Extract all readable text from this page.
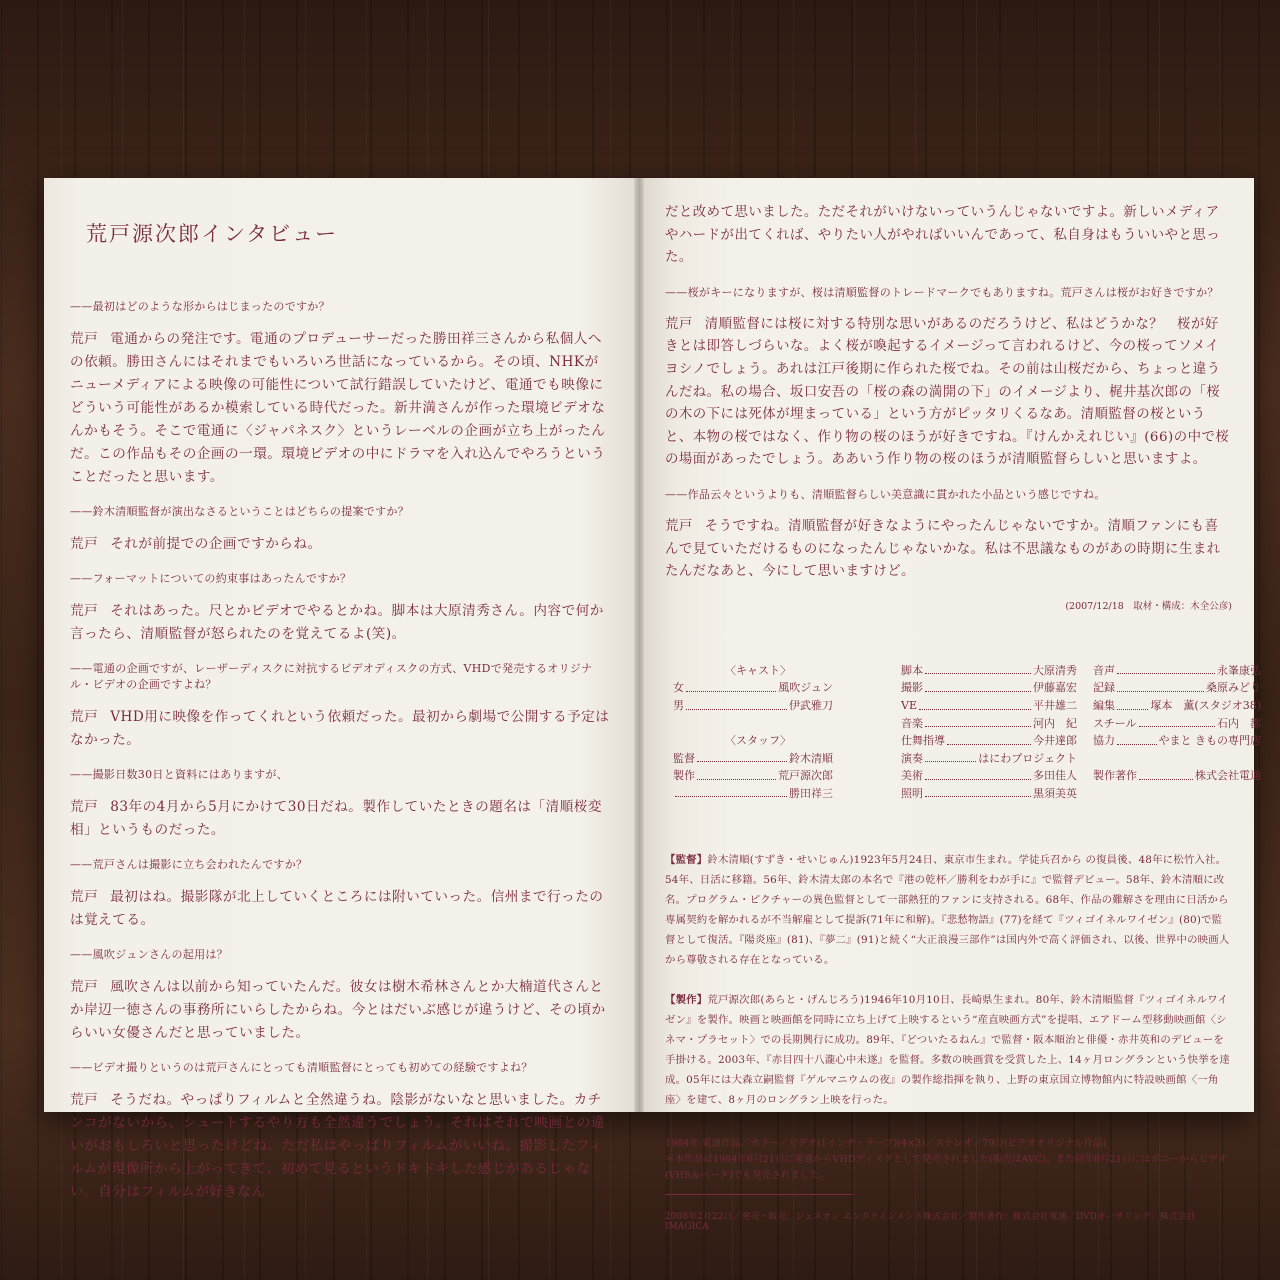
荒戸源次郎インタビュー

——最初はどのような形からはじまったのですか？

荒戸 電通からの発注です。電通のプロデューサーだった勝田祥三さんから私個人への依頼。勝田さんにはそれまでもいろいろ世話になっているから。その頃、NHKがニューメディアによる映像の可能性について試行錯誤していたけど、電通でも映像にどういう可能性があるか模索している時代だった。新井満さんが作った環境ビデオなんかもそう。そこで電通に〈ジャパネスク〉というレーベルの企画が立ち上がったんだ。この作品もその企画の一環。環境ビデオの中にドラマを入れ込んでやろうということだったと思います。

——鈴木清順監督が演出なさるということはどちらの提案ですか？

荒戸 それが前提での企画ですからね。

——フォーマットについての約束事はあったんですか？

荒戸 それはあった。尺とかビデオでやるとかね。脚本は大原清秀さん。内容で何か言ったら、清順監督が怒られたのを覚えてるよ(笑)。

——電通の企画ですが、レーザーディスクに対抗するビデオディスクの方式、VHDで発売するオリジナル・ビデオの企画ですよね？

荒戸 VHD用に映像を作ってくれという依頼だった。最初から劇場で公開する予定はなかった。

——撮影日数30日と資料にはありますが、

荒戸 83年の4月から5月にかけて30日だね。製作していたときの題名は「清順桜変相」というものだった。

——荒戸さんは撮影に立ち会われたんですか？

荒戸 最初はね。撮影隊が北上していくところには附いていった。信州まで行ったのは覚えてる。

——風吹ジュンさんの起用は？

荒戸 風吹さんは以前から知っていたんだ。彼女は樹木希林さんとか大楠道代さんとか岸辺一徳さんの事務所にいらしたからね。今とはだいぶ感じが違うけど、その頃からいい女優さんだと思っていました。

——ビデオ撮りというのは荒戸さんにとっても清順監督にとっても初めての経験ですよね？

荒戸 そうだね。やっぱりフィルムと全然違うね。陰影がないなと思いました。カチンコがないから、シュートするやり方も全然違うでしょう。それはそれで映画との違いがおもしろいと思ったけどね。ただ私はやっぱりフィルムがいいね。撮影したフィルムが現像所から上がってきて、初めて見るというドキドキした感じがあるじゃない。自分はフィルムが好きなん

だと改めて思いました。ただそれがいけないっていうんじゃないですよ。新しいメディアやハードが出てくれば、やりたい人がやればいいんであって、私自身はもういいやと思った。

——桜がキーになりますが、桜は清順監督のトレードマークでもありますね。荒戸さんは桜がお好きですか？

荒戸 清順監督には桜に対する特別な思いがあるのだろうけど、私はどうかな？　桜が好きとは即答しづらいな。よく桜が喚起するイメージって言われるけど、今の桜ってソメイヨシノでしょう。あれは江戸後期に作られた桜でね。その前は山桜だから、ちょっと違うんだね。私の場合、坂口安吾の「桜の森の満開の下」のイメージより、梶井基次郎の「桜の木の下には死体が埋まっている」という方がピッタリくるなあ。清順監督の桜というと、本物の桜ではなく、作り物の桜のほうが好きですね。『けんかえれじい』(66)の中で桜の場面があったでしょう。ああいう作り物の桜のほうが清順監督らしいと思いますよ。

——作品云々というよりも、清順監督らしい美意識に貫かれた小品という感じですね。

荒戸 そうですね。清順監督が好きなようにやったんじゃないですか。清順ファンにも喜んで見ていただけるものになったんじゃないかな。私は不思議なものがあの時期に生まれたんだなあと、今にして思いますけど。

(2007/12/18　取材・構成：木全公彦)
〈キャスト〉
女	風吹ジュン
男	伊武雅刀
〈スタッフ〉
監督	鈴木清順
製作	荒戸源次郎
勝田祥三
脚本	大原清秀
撮影	伊藤嘉宏
VE	平井雄二
音楽	河内　紀
仕舞指導	今井達郎
演奏	はにわプロジェクト
美術	多田佳人
照明	黒須美英
音声	永峯康弘
記録	桑原みどり
編集	塚本　薫(スタジオ38)
スチール	石内　都
協力	やまと きもの専門店
製作著作	株式会社電通

【監督】鈴木清順(すずき・せいじゅん)1923年5月24日、東京市生まれ。学徒兵召から の復員後、48年に松竹入社。54年、日活に移籍。56年、鈴木清太郎の本名で『港の乾杯／勝利をわが手に』で監督デビュー。58年、鈴木清順に改名。プログラム・ピクチャーの異色監督として一部熱狂的ファンに支持される。68年、作品の難解さを理由に日活から専属契約を解かれるが不当解雇として提訴(71年に和解)。『悲愁物語』(77)を経て『ツィゴイネルワイゼン』(80)で監督として復活。『陽炎座』(81)、『夢二』(91)と続く“大正浪漫三部作”は国内外で高く評価され、以後、世界中の映画人から尊敬される存在となっている。

【製作】荒戸源次郎(あらと・げんじろう)1946年10月10日、長崎県生まれ。80年、鈴木清順監督『ツィゴイネルワイゼン』を製作。映画と映画館を同時に立ち上げて上映するという“産直映画方式”を提唱、エアドーム型移動映画館〈シネマ・プラセット〉での長期興行に成功。89年、『どついたるねん』で監督・阪本順治と俳優・赤井英和のデビューを手掛ける。2003年、『赤目四十八瀧心中未遂』を監督。多数の映画賞を受賞した上、14ヶ月ロングランという快挙を達成。05年には大森立嗣監督『ゲルマニウムの夜』の製作総指揮を執り、上野の東京国立博物館内に特設映画館〈一角座〉を建て、8ヶ月のロングラン上映を行った。

1984年 電通作品／カラー／ビデオ(1インチ・テープ)(4×3)／ステレオ／79分(ビデオオリジナル作品)
＊本作品は1984年6月21日に電通からVHDディスクとして発売されました(販売はAVC)。また同年8月21日にはポニーからビデオ(VHS＆ベータ)でも発売されました。
2008年2月22日／発売・販売：ジェネオン エンタテインメント株式会社／製作著作：株式会社電通／DVDオーサリング：株式会社IMAGICA
